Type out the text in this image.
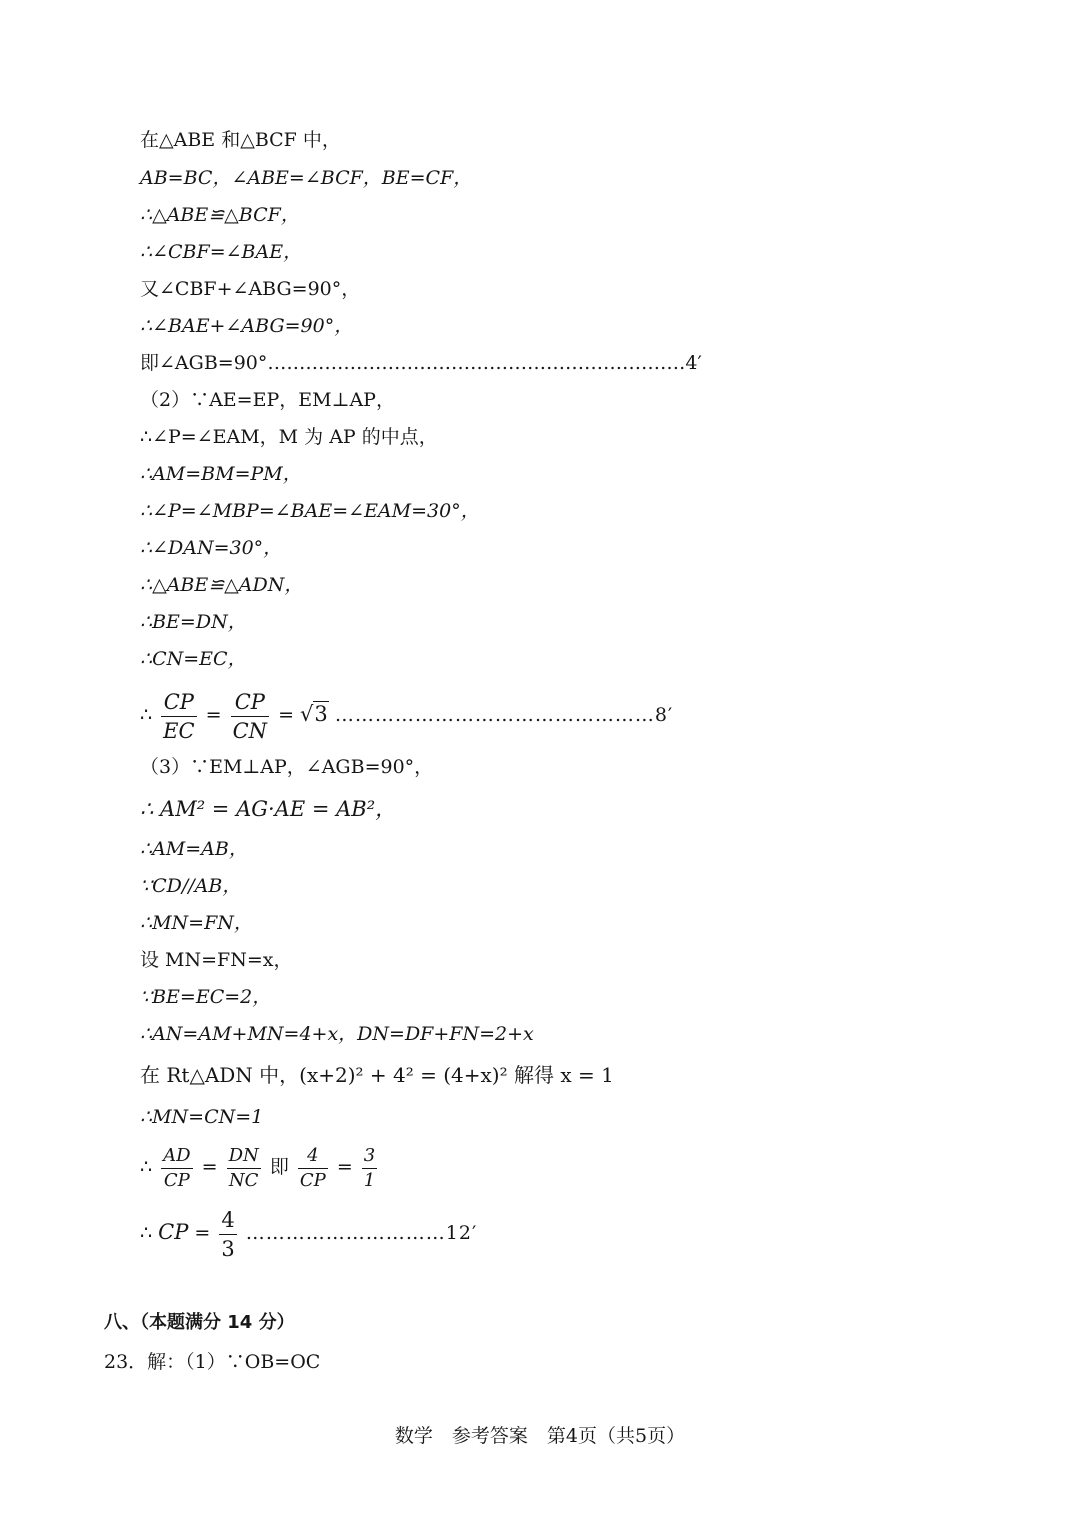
在△ABE 和△BCF 中，
AB=BC，∠ABE=∠BCF，BE=CF，
∴△ABE≌△BCF，
∴∠CBF=∠BAE，
又∠CBF+∠ABG=90°，
∴∠BAE+∠ABG=90°，
即∠AGB=90°…………………………………………………………4′
（2）∵AE=EP，EM⊥AP，
∴∠P=∠EAM，M 为 AP 的中点，
∴AM=BM=PM，
∴∠P=∠MBP=∠BAE=∠EAM=30°，
∴∠DAN=30°，
∴△ABE≌△ADN，
∴BE=DN，
∴CN=EC，
∴ $\frac{CP}{EC} = \frac{CP}{CN} = √3$ …………………………………………8′
（3）∵EM⊥AP，∠AGB=90°，
∴ AM² = AG·AE = AB²，
∴AM=AB，
∵CD//AB，
∴MN=FN，
设 MN=FN=x，
∵BE=EC=2，
∴AN=AM+MN=4+x，DN=DF+FN=2+x
在 Rt△ADN 中，(x+2)² + 4² = (4+x)² 解得 x = 1
∴MN=CN=1
∴ $\frac{AD}{CP} = \frac{DN}{NC}$ 即 $\frac{4}{CP} = \frac{3}{1}$
∴ CP = $\frac{4}{3}$ …………………………12′
八、（本题满分 14 分）
23．解：（1）∵OB=OC
数学　参考答案　第4页（共5页）
